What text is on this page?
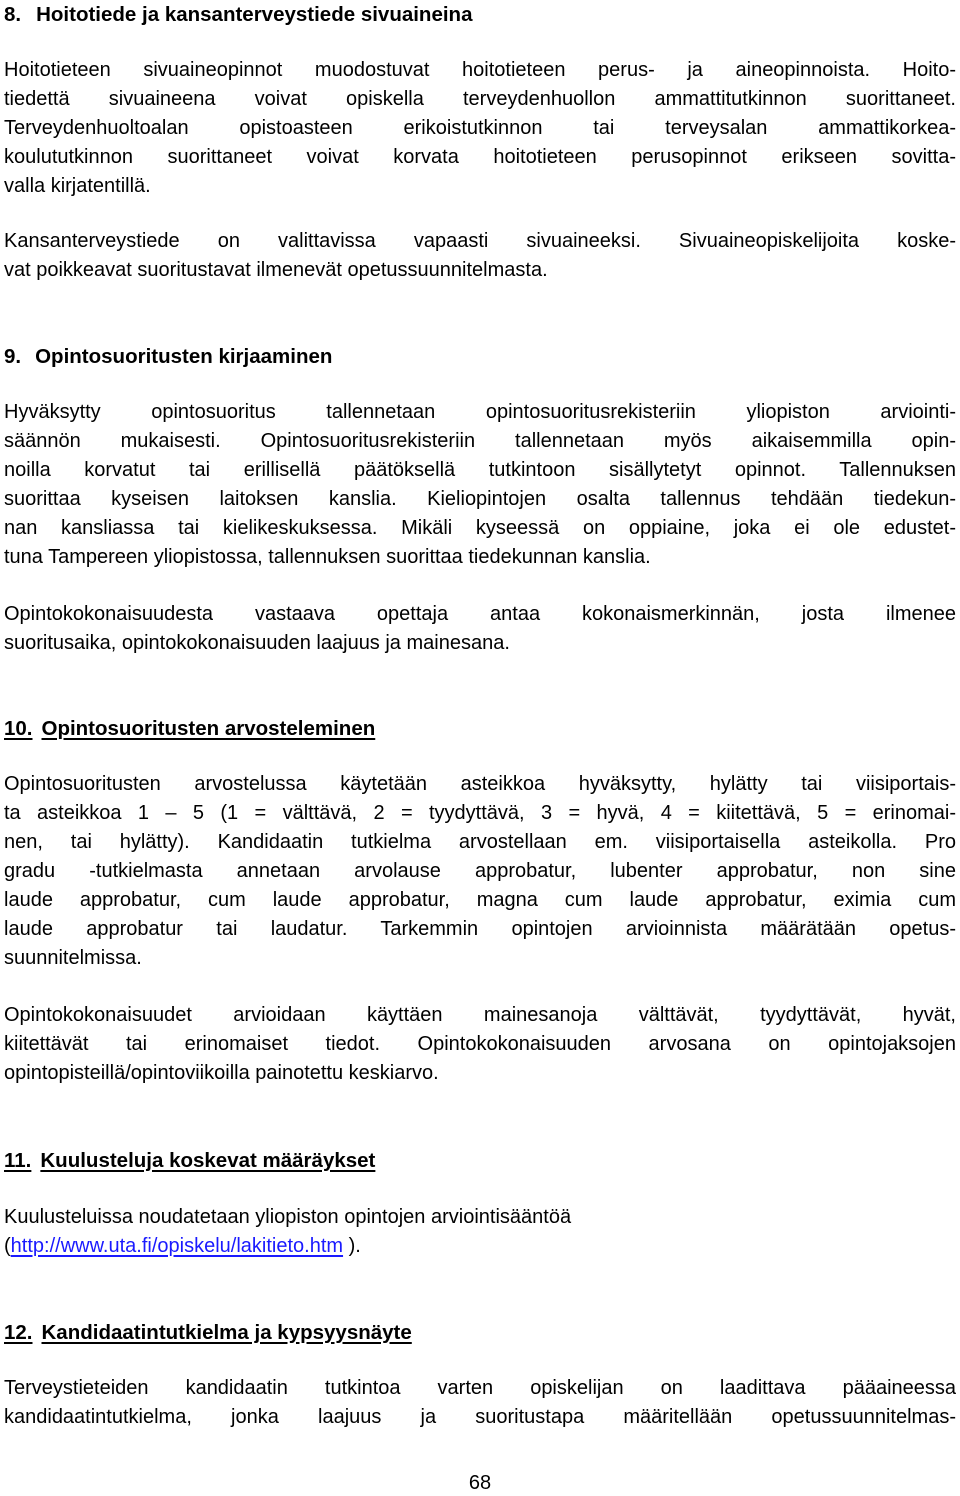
8. Hoitotiede ja kansanterveystiede sivuaineina

Hoitotieteen sivuaineopinnot muodostuvat hoitotieteen perus- ja aineopinnoista. Hoito-

tiedettä sivuaineena voivat opiskella terveydenhuollon ammattitutkinnon suorittaneet.

Terveydenhuoltoalan opistoasteen erikoistutkinnon tai terveysalan ammattikorkea-

koulututkinnon suorittaneet voivat korvata hoitotieteen perusopinnot erikseen sovitta-

valla kirjatentillä.

Kansanterveystiede on valittavissa vapaasti sivuaineeksi. Sivuaineopiskelijoita koske-

vat poikkeavat suoritustavat ilmenevät opetussuunnitelmasta.

9. Opintosuoritusten kirjaaminen

Hyväksytty opintosuoritus tallennetaan opintosuoritusrekisteriin yliopiston arviointi-

säännön mukaisesti. Opintosuoritusrekisteriin tallennetaan myös aikaisemmilla opin-

noilla korvatut tai erillisellä päätöksellä tutkintoon sisällytetyt opinnot. Tallennuksen

suorittaa kyseisen laitoksen kanslia. Kieliopintojen osalta tallennus tehdään tiedekun-

nan kansliassa tai kielikeskuksessa. Mikäli kyseessä on oppiaine, joka ei ole edustet-

tuna Tampereen yliopistossa, tallennuksen suorittaa tiedekunnan kanslia.

Opintokokonaisuudesta vastaava opettaja antaa kokonaismerkinnän, josta ilmenee

suoritusaika, opintokokonaisuuden laajuus ja mainesana.

10. Opintosuoritusten arvosteleminen

Opintosuoritusten arvostelussa käytetään asteikkoa hyväksytty, hylätty tai viisiportais-

ta asteikkoa 1 – 5 (1 = välttävä, 2 = tyydyttävä, 3 = hyvä, 4 = kiitettävä, 5 = erinomai-

nen, tai hylätty). Kandidaatin tutkielma arvostellaan em. viisiportaisella asteikolla. Pro

gradu -tutkielmasta annetaan arvolause approbatur, lubenter approbatur, non sine

laude approbatur, cum laude approbatur, magna cum laude approbatur, eximia cum

laude approbatur tai laudatur. Tarkemmin opintojen arvioinnista määrätään opetus-

suunnitelmissa.

Opintokokonaisuudet arvioidaan käyttäen mainesanoja välttävät, tyydyttävät, hyvät,

kiitettävät tai erinomaiset tiedot. Opintokokonaisuuden arvosana on opintojaksojen

opintopisteillä/opintoviikoilla painotettu keskiarvo.

11. Kuulusteluja koskevat määräykset

Kuulusteluissa noudatetaan yliopiston opintojen arviointisääntöä

(http://www.uta.fi/opiskelu/lakitieto.htm ).

12. Kandidaatintutkielma ja kypsyysnäyte

Terveystieteiden kandidaatin tutkintoa varten opiskelijan on laadittava pääaineessa

kandidaatintutkielma, jonka laajuus ja suoritustapa määritellään opetussuunnitelmas-

68
